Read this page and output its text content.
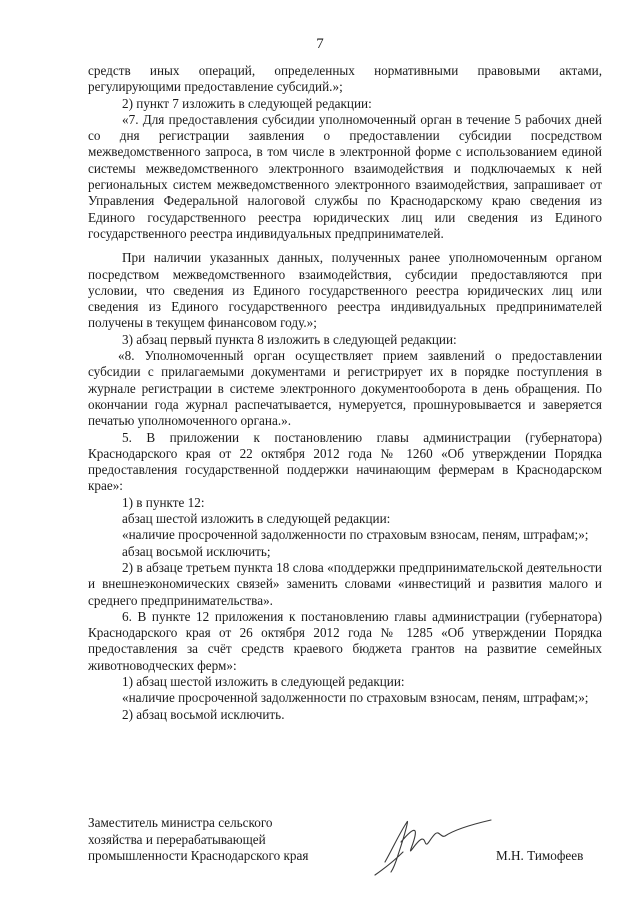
7

средств иных операций, определенных нормативными правовыми актами, регулирующими предоставление субсидий.»;

2) пункт 7 изложить в следующей редакции:

«7. Для предоставления субсидии уполномоченный орган в течение 5 рабочих дней со дня регистрации заявления о предоставлении субсидии посредством межведомственного запроса, в том числе в электронной форме с использованием единой системы межведомственного электронного взаимодействия и подключаемых к ней региональных систем межведомственного электронного взаимодействия, запрашивает от Управления Федеральной налоговой службы по Краснодарскому краю сведения из Единого государственного реестра юридических лиц или сведения из Единого государственного реестра индивидуальных предпринимателей.

При наличии указанных данных, полученных ранее уполномоченным органом посредством межведомственного взаимодействия, субсидии предоставляются при условии, что сведения из Единого государственного реестра юридических лиц или сведения из Единого государственного реестра индивидуальных предпринимателей получены в текущем финансовом году.»;

3) абзац первый пункта 8 изложить в следующей редакции:

«8. Уполномоченный орган осуществляет прием заявлений о предоставлении субсидии с прилагаемыми документами и регистрирует их в порядке поступления в журнале регистрации в системе электронного документооборота в день обращения. По окончании года журнал распечатывается, нумеруется, прошнуровывается и заверяется печатью уполномоченного органа.».

5. В приложении к постановлению главы администрации (губернатора) Краснодарского края от 22 октября 2012 года № 1260 «Об утверждении Порядка предоставления государственной поддержки начинающим фермерам в Краснодарском крае»:

1) в пункте 12:

абзац шестой изложить в следующей редакции:

«наличие просроченной задолженности по страховым взносам, пеням, штрафам;»;

абзац восьмой исключить;

2) в абзаце третьем пункта 18 слова «поддержки предпринимательской деятельности и внешнеэкономических связей» заменить словами «инвестиций и развития малого и среднего предпринимательства».

6. В пункте 12 приложения к постановлению главы администрации (губернатора) Краснодарского края от 26 октября 2012 года № 1285 «Об утверждении Порядка предоставления за счёт средств краевого бюджета грантов на развитие семейных животноводческих ферм»:

1) абзац шестой изложить в следующей редакции:

«наличие просроченной задолженности по страховым взносам, пеням, штрафам;»;

2) абзац восьмой исключить.

Заместитель министра сельского
хозяйства и перерабатывающей
промышленности Краснодарского края	М.Н. Тимофеев
